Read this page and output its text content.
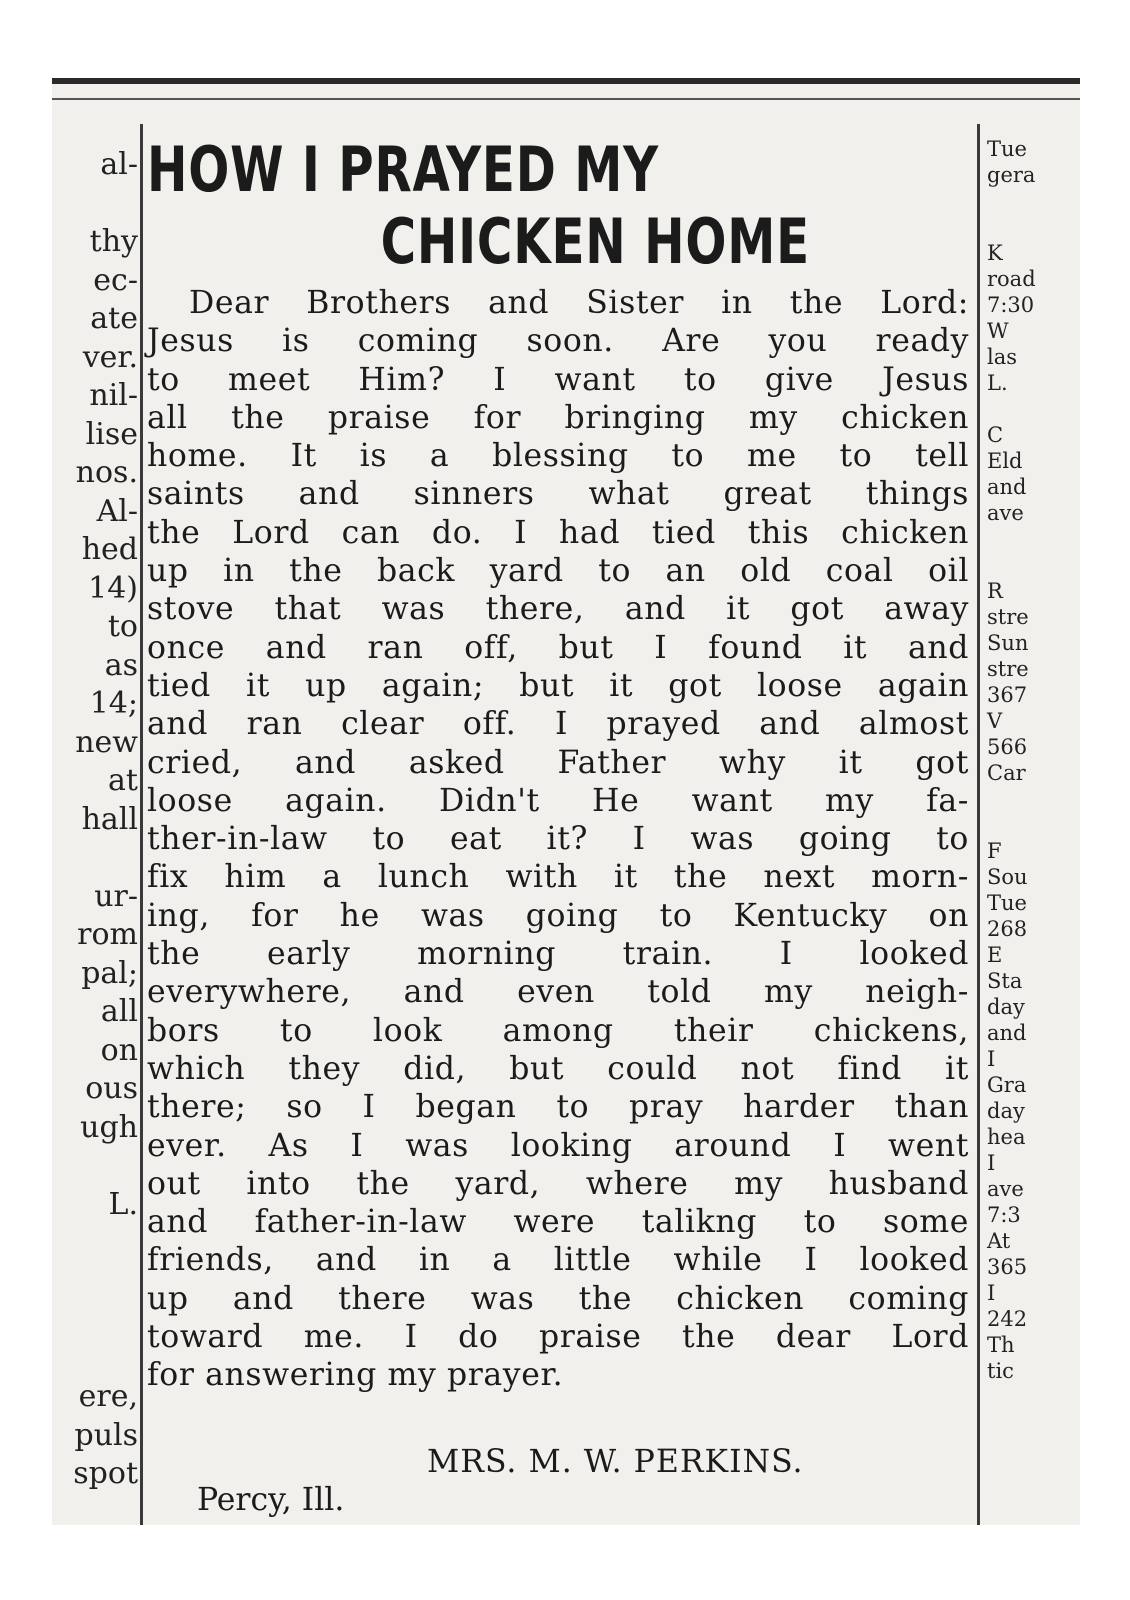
al-
thy
ec-
ate
ver.
nil-
lise
nos.
Al-
hed
14)
to
as
14;
new
at
hall
ur-
rom
pal;
all
on
ous
ugh
L.
ere,
puls
spot
HOW I PRAYED MY
CHICKEN HOME
Dear Brothers and Sister in the Lord:
Jesus is coming soon. Are you ready
to meet Him? I want to give Jesus
all the praise for bringing my chicken
home. It is a blessing to me to tell
saints and sinners what great things
the Lord can do. I had tied this chicken
up in the back yard to an old coal oil
stove that was there, and it got away
once and ran off, but I found it and
tied it up again; but it got loose again
and ran clear off. I prayed and almost
cried, and asked Father why it got
loose again. Didn't He want my fa-
ther-in-law to eat it? I was going to
fix him a lunch with it the next morn-
ing, for he was going to Kentucky on
the early morning train. I looked
everywhere, and even told my neigh-
bors to look among their chickens,
which they did, but could not find it
there; so I began to pray harder than
ever. As I was looking around I went
out into the yard, where my husband
and father-in-law were talikng to some
friends, and in a little while I looked
up and there was the chicken coming
toward me. I do praise the dear Lord
for answering my prayer.
MRS. M. W. PERKINS.
Percy, Ill.
Tue
gera
K
road
7:30
W
las
L.
C
Eld
and
ave
R
stre
Sun
stre
367
V
566
Car
F
Sou
Tue
268
E
Sta
day
and
I
Gra
day
hea
I
ave
7:3
At
365
I
242
Th
tic
